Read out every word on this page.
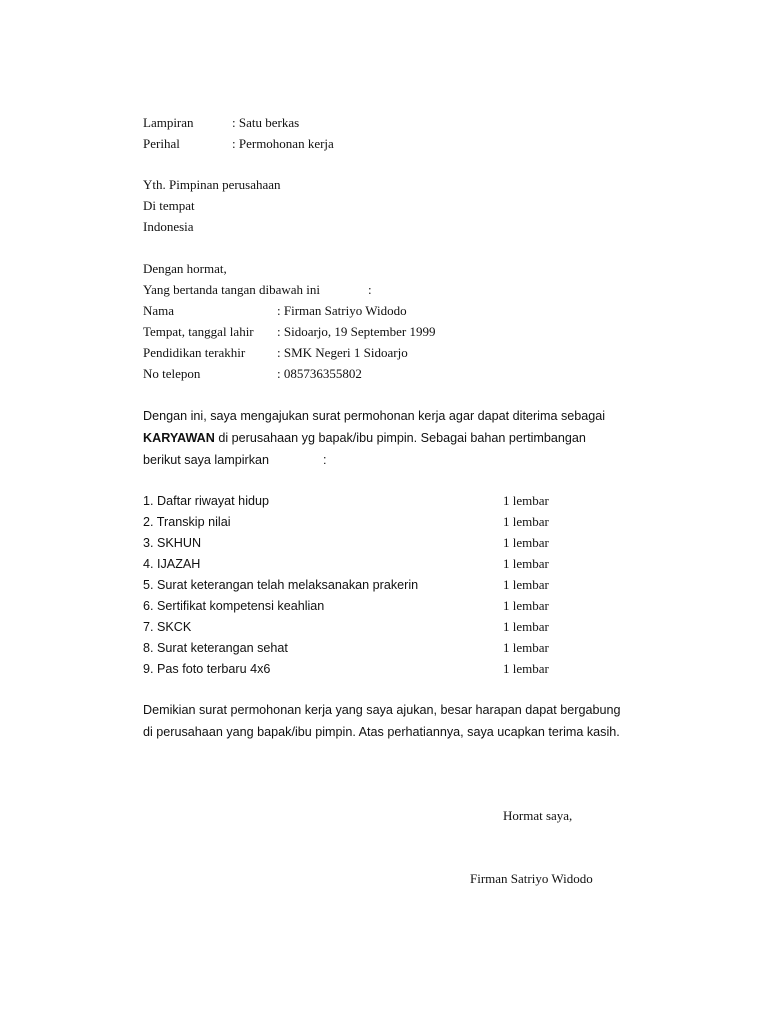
Lampiran	: Satu berkas
Perihal	: Permohonan kerja
Yth. Pimpinan perusahaan
Di tempat
Indonesia
Dengan hormat,
Yang bertanda tangan dibawah ini	:
Nama	: Firman Satriyo Widodo
Tempat, tanggal lahir : Sidoarjo, 19 September 1999
Pendidikan terakhir : SMK Negeri 1 Sidoarjo
No telepon	: 085736355802
Dengan ini, saya mengajukan surat permohonan kerja agar dapat diterima sebagai
KARYAWAN di perusahaan yg bapak/ibu pimpin. Sebagai bahan pertimbangan
berikut saya lampirkan	:
1. Daftar riwayat hidup	1 lembar
2. Transkip nilai	1 lembar
3. SKHUN	1 lembar
4. IJAZAH	1 lembar
5. Surat keterangan telah melaksanakan prakerin	1 lembar
6. Sertifikat kompetensi keahlian	1 lembar
7. SKCK	1 lembar
8. Surat keterangan sehat	1 lembar
9. Pas foto terbaru 4x6	1 lembar
Demikian surat permohonan kerja yang saya ajukan, besar harapan dapat bergabung
di perusahaan yang bapak/ibu pimpin. Atas perhatiannya, saya ucapkan terima kasih.
Hormat saya,
Firman Satriyo Widodo
